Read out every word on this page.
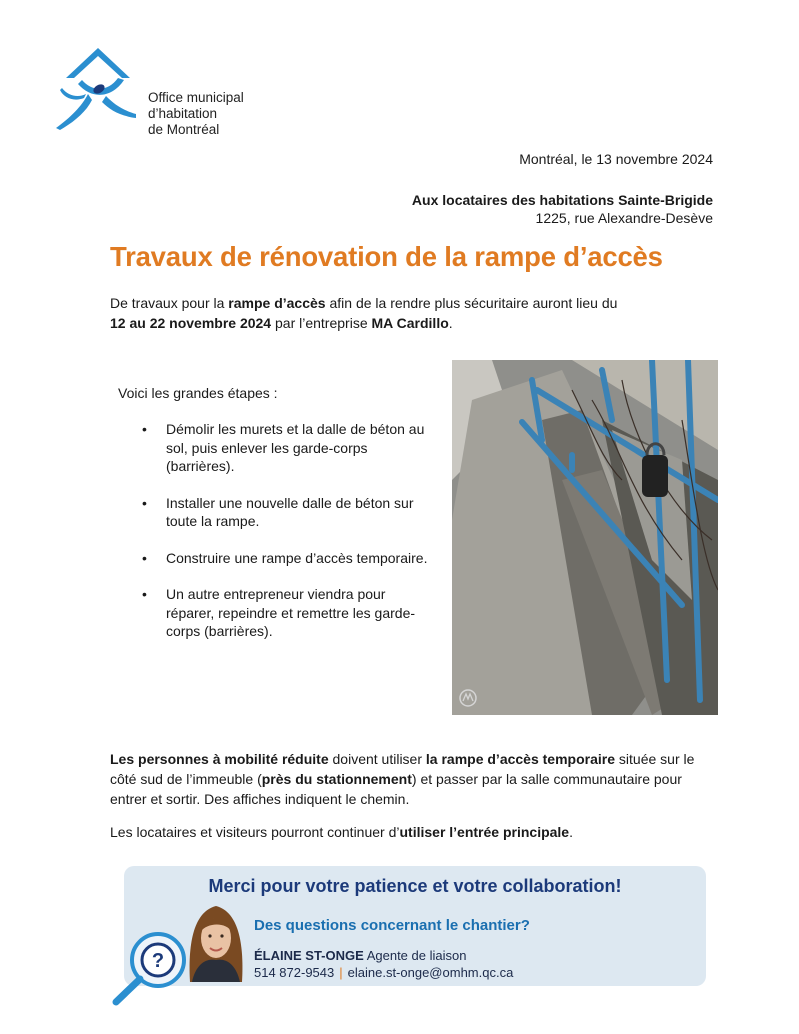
Office municipal
d’habitation
de Montréal
Montréal, le 13 novembre 2024
Aux locataires des habitations Sainte-Brigide
1225, rue Alexandre-Desève
Travaux de rénovation de la rampe d’accès

De travaux pour la rampe d’accès afin de la rendre plus sécuritaire auront lieu du
12 au 22 novembre 2024 par l’entreprise MA Cardillo.

Voici les grandes étapes :
• Démolir les murets et la dalle de béton au sol, puis enlever les garde-corps (barrières).
• Installer une nouvelle dalle de béton sur toute la rampe.
• Construire une rampe d’accès temporaire.
• Un autre entrepreneur viendra pour réparer, repeindre et remettre les garde-corps (barrières).

Les personnes à mobilité réduite doivent utiliser la rampe d’accès temporaire située sur le côté sud de l’immeuble (près du stationnement) et passer par la salle communautaire pour entrer et sortir. Des affiches indiquent le chemin.

Les locataires et visiteurs pourront continuer d’utiliser l’entrée principale.

Merci pour votre patience et votre collaboration!
Des questions concernant le chantier?
ÉLAINE ST-ONGE Agente de liaison
514 872-9543 | elaine.st-onge@omhm.qc.ca
?
